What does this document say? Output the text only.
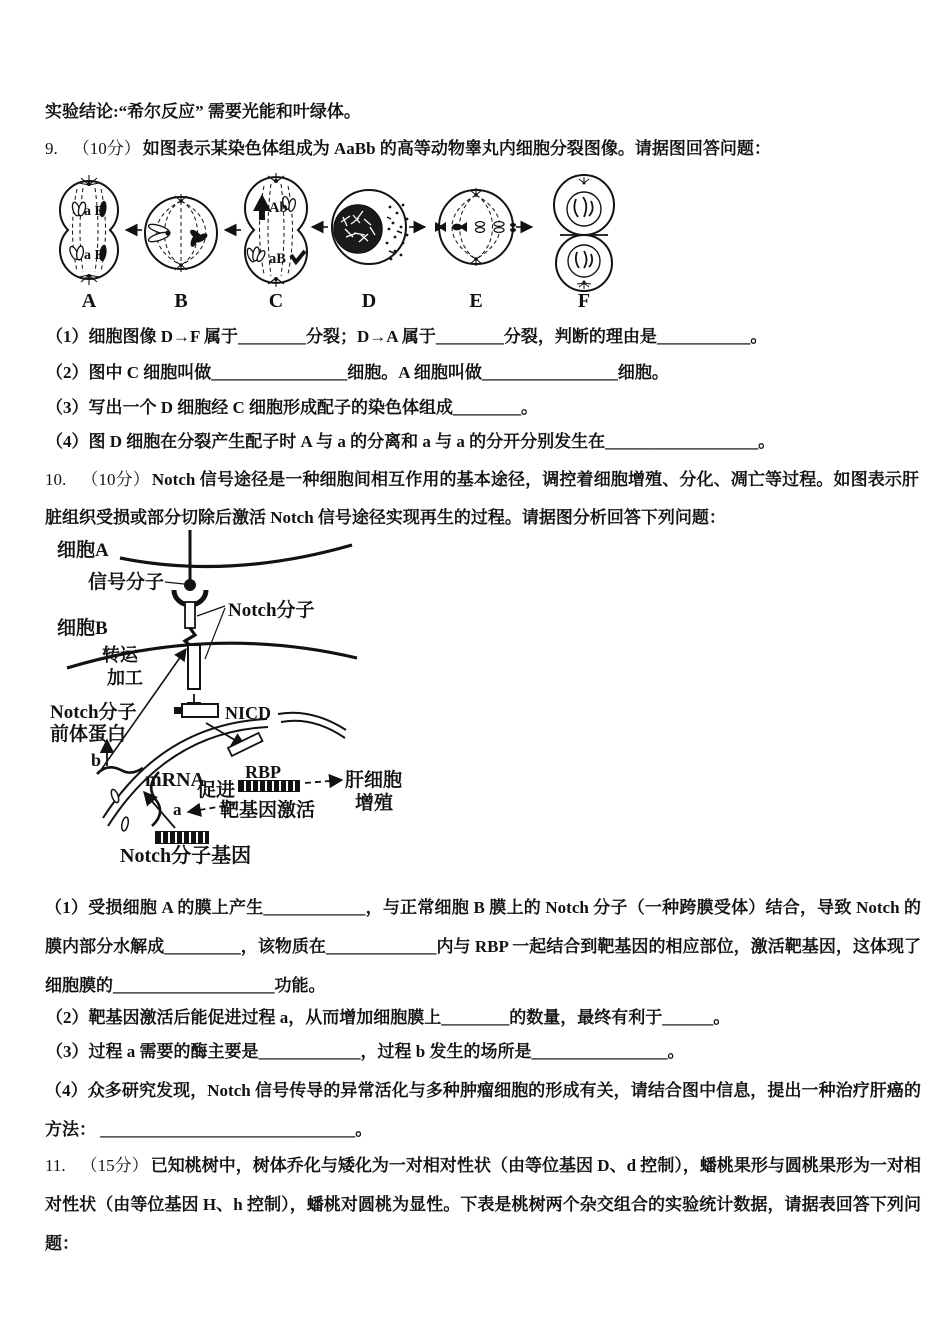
实验结论:“希尔反应” 需要光能和叶绿体。
9. （10分） 如图表示某染色体组成为 AaBb 的高等动物睾丸内细胞分裂图像。请据图回答问题：
a B
a B
Ab
aB
A	B	C	D	E	F
（1）细胞图像 D→F 属于________分裂；D→A 属于________分裂，判断的理由是___________。
（2）图中 C 细胞叫做________________细胞。A 细胞叫做________________细胞。
（3）写出一个 D 细胞经 C 细胞形成配子的染色体组成________。
（4）图 D 细胞在分裂产生配子时 A 与 a 的分离和 a 与 a 的分开分别发生在__________________。
10. （10分） Notch 信号途径是一种细胞间相互作用的基本途径，调控着细胞增殖、分化、凋亡等过程。如图表示肝脏组织受损或部分切除后激活 Notch 信号途径实现再生的过程。请据图分析回答下列问题：
细胞A
信号分子
Notch分子
细胞B
转运
加工
NICD
Notch分子
前体蛋白
b
mRNA
促进
RBP
靶基因激活
肝细胞
增殖
a
Notch分子基因
（1）受损细胞 A 的膜上产生____________，与正常细胞 B 膜上的 Notch 分子（一种跨膜受体）结合，导致 Notch 的膜内部分水解成_________，该物质在_____________内与 RBP 一起结合到靶基因的相应部位，激活靶基因，这体现了细胞膜的___________________功能。
（2）靶基因激活后能促进过程 a，从而增加细胞膜上________的数量，最终有利于______。
（3）过程 a 需要的酶主要是____________，过程 b 发生的场所是________________。
（4）众多研究发现，Notch 信号传导的异常活化与多种肿瘤细胞的形成有关，请结合图中信息，提出一种治疗肝癌的方法： ______________________________。
11. （15分） 已知桃树中，树体乔化与矮化为一对相对性状（由等位基因 D、d 控制），蟠桃果形与圆桃果形为一对相对性状（由等位基因 H、h 控制），蟠桃对圆桃为显性。下表是桃树两个杂交组合的实验统计数据，请据表回答下列问题：
